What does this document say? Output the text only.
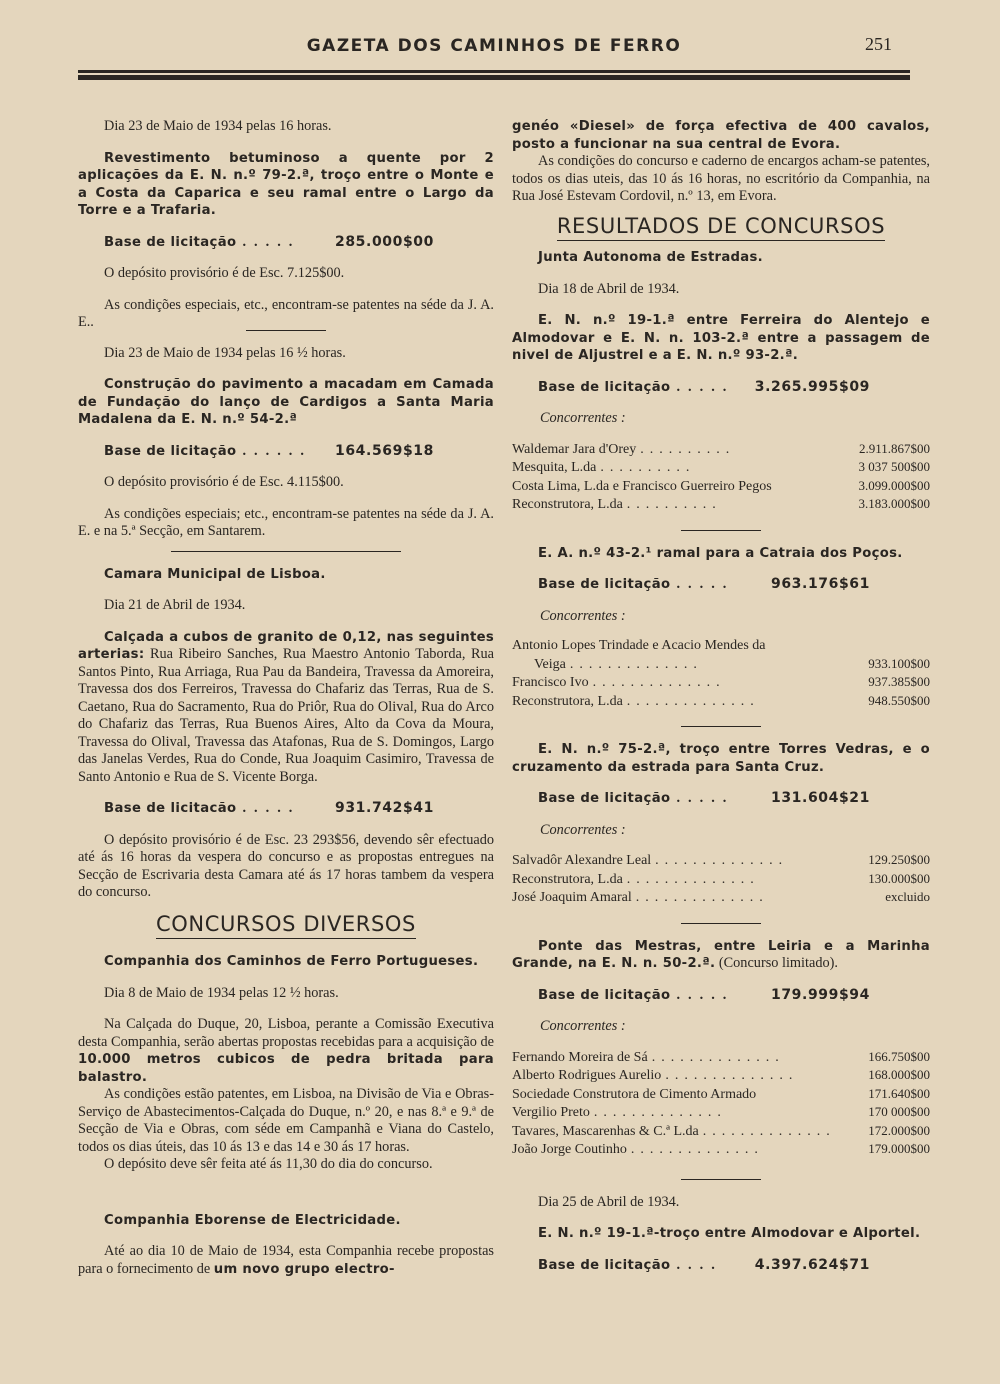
GAZETA DOS CAMINHOS DE FERRO	251

Dia 23 de Maio de 1934 pelas 16 horas.

Revestimento betuminoso a quente por 2 aplicações da E. N. n.º 79-2.ª, troço entre o Monte e a Costa da Caparica e seu ramal entre o Largo da Torre e a Trafaria.

Base de licitação .....	285.000$00

O depósito provisório é de Esc. 7.125$00.

As condições especiais, etc., encontram-se patentes na séde da J. A. E..

Dia 23 de Maio de 1934 pelas 16 ½ horas.

Construção do pavimento a macadam em Camada de Fundação do lanço de Cardigos a Santa Maria Madalena da E. N. n.º 54-2.ª

Base de licitação ......	164.569$18

O depósito provisório é de Esc. 4.115$00.

As condições especiais; etc., encontram-se patentes na séde da J. A. E. e na 5.ª Secção, em Santarem.

Camara Municipal de Lisboa.

Dia 21 de Abril de 1934.

Calçada a cubos de granito de 0,12, nas seguintes arterias: Rua Ribeiro Sanches, Rua Maestro Antonio Taborda, Rua Santos Pinto, Rua Arriaga, Rua Pau da Bandeira, Travessa da Amoreira, Travessa dos dos Ferreiros, Travessa do Chafariz das Terras, Rua de S. Caetano, Rua do Sacramento, Rua do Priôr, Rua do Olival, Rua do Arco do Chafariz das Terras, Rua Buenos Aires, Alto da Cova da Moura, Travessa do Olival, Travessa das Atafonas, Rua de S. Domingos, Largo das Janelas Verdes, Rua do Conde, Rua Joaquim Casimiro, Travessa de Santo Antonio e Rua de S. Vicente Borga.

Base de licitacão .....	931.742$41

O depósito provisório é de Esc. 23 293$56, devendo sêr efectuado até ás 16 horas da vespera do concurso e as propostas entregues na Secção de Escrivaria desta Camara até ás 17 horas tambem da vespera do concurso.

CONCURSOS DIVERSOS

Companhia dos Caminhos de Ferro Portugueses.

Dia 8 de Maio de 1934 pelas 12 ½ horas.

Na Calçada do Duque, 20, Lisboa, perante a Comissão Executiva desta Companhia, serão abertas propostas recebidas para a acquisição de 10.000 metros cubicos de pedra britada para balastro.

As condições estão patentes, em Lisboa, na Divisão de Via e Obras-Serviço de Abastecimentos-Calçada do Duque, n.º 20, e nas 8.ª e 9.ª de Secção de Via e Obras, com séde em Campanhã e Viana do Castelo, todos os dias úteis, das 10 ás 13 e das 14 e 30 ás 17 horas.

O depósito deve sêr feita até ás 11,30 do dia do concurso.

Companhia Eborense de Electricidade.

Até ao dia 10 de Maio de 1934, esta Companhia recebe propostas para o fornecimento de um novo grupo electro-

genéo «Diesel» de força efectiva de 400 cavalos, posto a funcionar na sua central de Evora.

As condições do concurso e caderno de encargos acham-se patentes, todos os dias uteis, das 10 ás 16 horas, no escritório da Companhia, na Rua José Estevam Cordovil, n.º 13, em Evora.

RESULTADOS DE CONCURSOS

Junta Autonoma de Estradas.

Dia 18 de Abril de 1934.

E. N. n.º 19-1.ª entre Ferreira do Alentejo e Almodovar e E. N. n. 103-2.ª entre a passagem de nivel de Aljustrel e a E. N. n.º 93-2.ª.

Base de licitação .....	3.265.995$09

Concorrentes :

Waldemar Jara d'Orey ..........	2.911.867$00
Mesquita, L.da ..........	3 037 500$00
Costa Lima, L.da e Francisco Guerreiro Pegos	3.099.000$00
Reconstrutora, L.da ..........	3.183.000$00

E. A. n.º 43-2.¹ ramal para a Catraia dos Poços.

Base de licitação .....	963.176$61

Concorrentes :

Antonio Lopes Trindade e Acacio Mendes da
Veiga ..............	933.100$00
Francisco Ivo ..............	937.385$00
Reconstrutora, L.da ..............	948.550$00

E. N. n.º 75-2.ª, troço entre Torres Vedras, e o cruzamento da estrada para Santa Cruz.

Base de licitação .....	131.604$21

Concorrentes :

Salvadôr Alexandre Leal ..............	129.250$00
Reconstrutora, L.da ..............	130.000$00
José Joaquim Amaral ..............	excluido

Ponte das Mestras, entre Leiria e a Marinha Grande, na E. N. n. 50-2.ª. (Concurso limitado).

Base de licitação .....	179.999$94

Concorrentes :

Fernando Moreira de Sá ..............	166.750$00
Alberto Rodrigues Aurelio ..............	168.000$00
Sociedade Construtora de Cimento Armado	171.640$00
Vergilio Preto ..............	170 000$00
Tavares, Mascarenhas & C.ª L.da ..............	172.000$00
João Jorge Coutinho ..............	179.000$00

Dia 25 de Abril de 1934.

E. N. n.º 19-1.ª-troço entre Almodovar e Alportel.

Base de licitação ....	4.397.624$71
